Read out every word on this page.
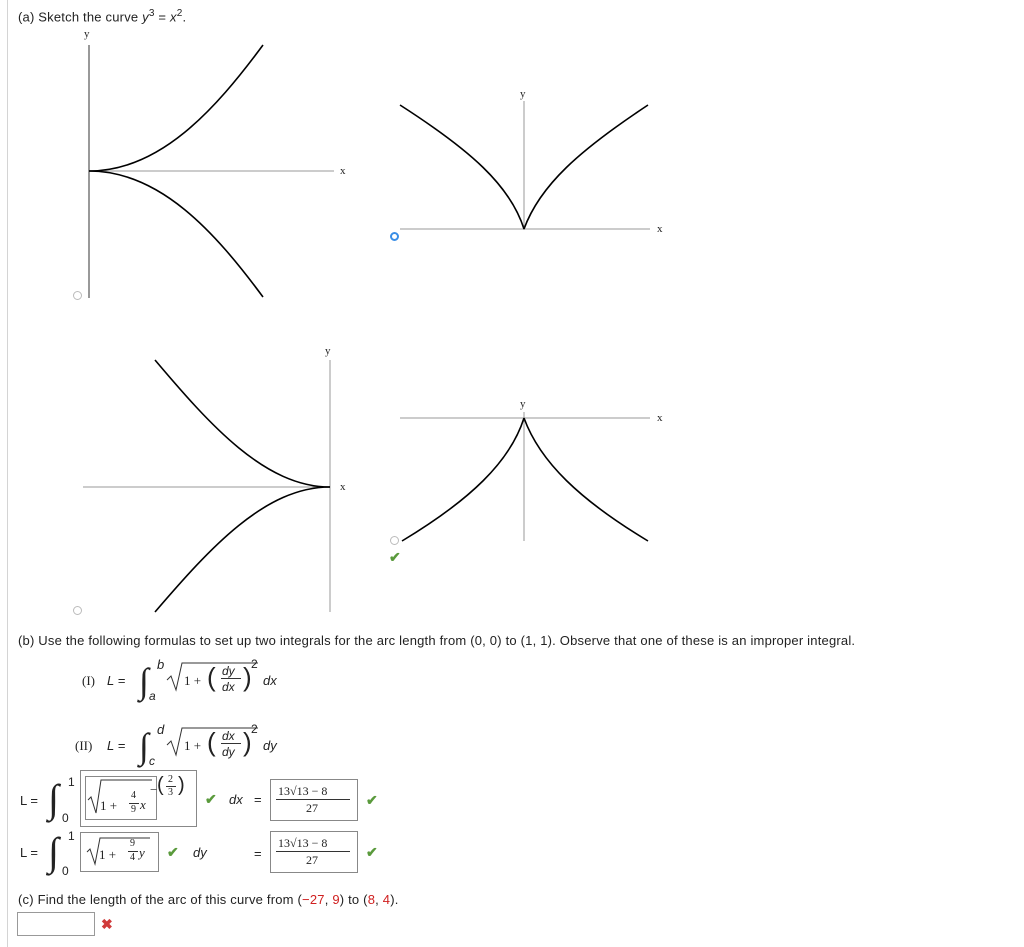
(a) Sketch the curve $y^3 = x^2$.
y
x
y
x
y
x
y
x
✔
(b) Use the following formulas to set up two integrals for the arc length from (0, 0) to (1, 1). Observe that one of these is an improper integral.
(I) L = ∫ b
a
1 + ( dy
dx ) 2
dx
(II) L = ∫ d
c
1 + ( dx
dy ) 2
dy
L = ∫ 1
0
1 +
4
9 x
− ( 2
3 )
✔ dx =
13√13 − 8
27	✔
L = ∫ 1
0
1 +
9
4 y ✔ dy	=
13√13 − 8
27	✔
(c) Find the length of the arc of this curve from (−27, 9) to (8, 4).
✖
